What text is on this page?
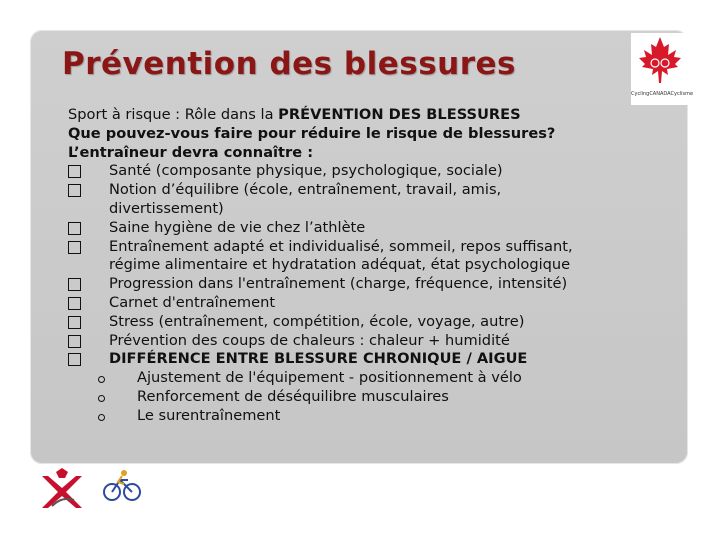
Prévention des blessures
CyclingCANADACyclisme
Sport à risque : Rôle dans la PRÉVENTION DES BLESSURES
Que pouvez-vous faire pour réduire le risque de blessures?
L’entraîneur devra connaître :
Santé (composante physique, psychologique, sociale)
Notion d’équilibre (école, entraînement, travail, amis,
divertissement)
Saine hygiène de vie chez l’athlète
Entraînement adapté et individualisé, sommeil, repos suffisant,
régime alimentaire et hydratation adéquat, état psychologique
Progression dans l'entraînement (charge, fréquence, intensité)
Carnet d'entraînement
Stress (entraînement, compétition, école, voyage, autre)
Prévention des coups de chaleurs : chaleur + humidité
DIFFÉRENCE ENTRE BLESSURE CHRONIQUE / AIGUE
Ajustement de l'équipement - positionnement à vélo
Renforcement de déséquilibre musculaires
Le surentraînement
